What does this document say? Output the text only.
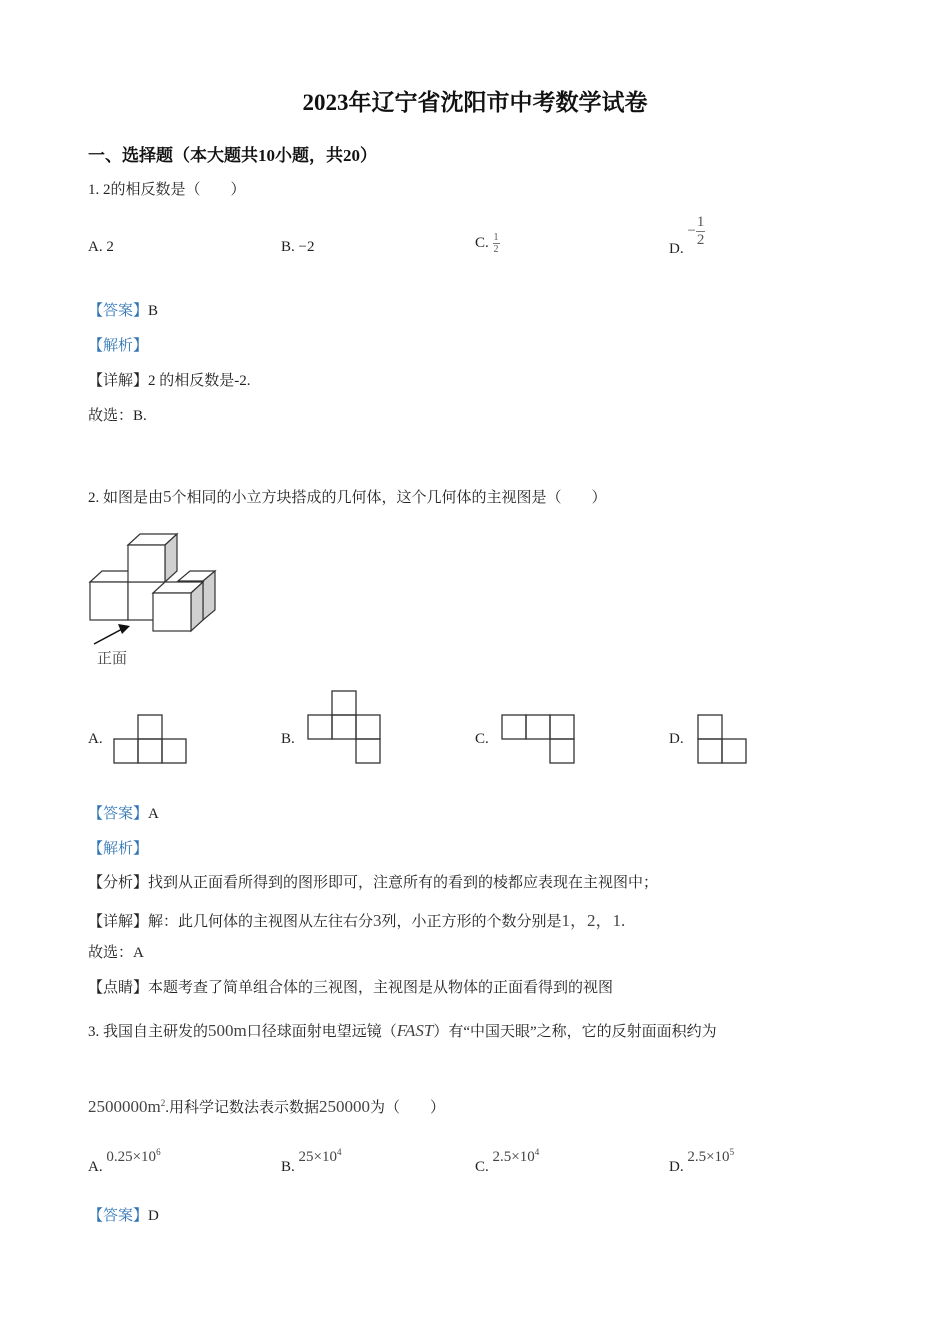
2023年辽宁省沈阳市中考数学试卷
一、选择题（本大题共10小题，共20）
1. 2的相反数是（　　）
A. 2	B. −2	C. $\frac{1}{2}$	D. − $\frac{1}{2}$
【答案】B
【解析】
【详解】2 的相反数是-2.
故选：B.
2. 如图是由5个相同的小立方块搭成的几何体，这个几何体的主视图是（　　）
正面
A.	B.	C.	D.
【答案】A
【解析】
【分析】找到从正面看所得到的图形即可，注意所有的看到的棱都应表现在主视图中；
【详解】解：此几何体的主视图从左往右分3列，小正方形的个数分别是1，2，1.
故选：A
【点睛】本题考查了简单组合体的三视图，主视图是从物体的正面看得到的视图
3. 我国自主研发的500m口径球面射电望远镜（FAST）有“中国天眼”之称，它的反射面面积约为
$2500000m^2$.用科学记数法表示数据250000为（　　）
A. $0.25\times 10^6$
B. $25\times 10^4$
C. $2.5\times 10^4$
D. $2.5\times 10^5$
【答案】D
